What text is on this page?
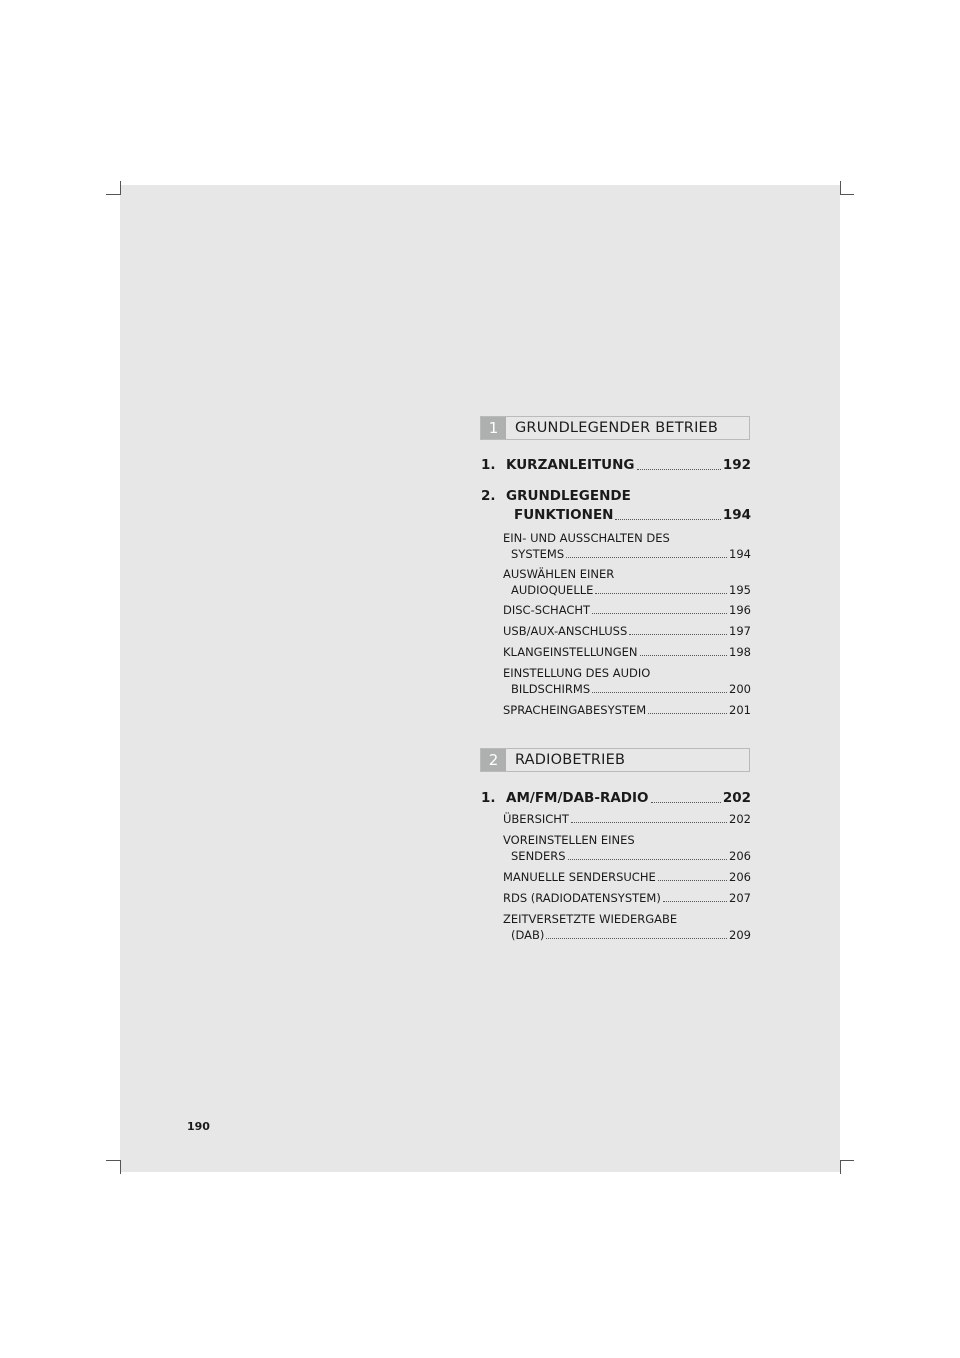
1	GRUNDLEGENDER BETRIEB
1. KURZANLEITUNG	192
2. GRUNDLEGENDE
FUNKTIONEN	194
EIN- UND AUSSCHALTEN DES
SYSTEMS	194
AUSWÄHLEN EINER
AUDIOQUELLE	195
DISC-SCHACHT	196
USB/AUX-ANSCHLUSS	197
KLANGEINSTELLUNGEN	198
EINSTELLUNG DES AUDIO
BILDSCHIRMS	200
SPRACHEINGABESYSTEM	201
2	RADIOBETRIEB
1. AM/FM/DAB-RADIO	202
ÜBERSICHT	202
VOREINSTELLEN EINES
SENDERS	206
MANUELLE SENDERSUCHE	206
RDS (RADIODATENSYSTEM)	207
ZEITVERSETZTE WIEDERGABE
(DAB)	209
190
